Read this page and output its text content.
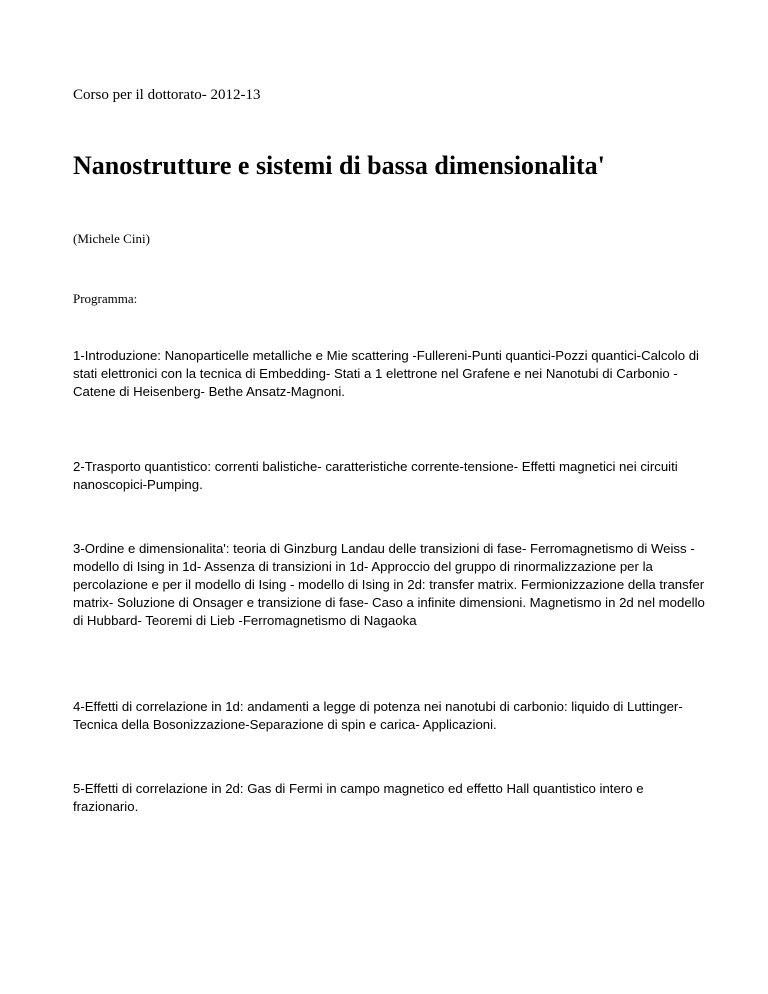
Corso per il dottorato- 2012-13
Nanostrutture e sistemi di bassa dimensionalita'
(Michele Cini)
Programma:

1-Introduzione: Nanoparticelle metalliche e Mie scattering -Fullereni-Punti quantici-Pozzi quantici-Calcolo di stati elettronici con la tecnica di Embedding- Stati a 1 elettrone nel Grafene e nei Nanotubi di Carbonio -Catene di Heisenberg- Bethe Ansatz-Magnoni.

2-Trasporto quantistico: correnti balistiche- caratteristiche corrente-tensione- Effetti magnetici nei circuiti nanoscopici-Pumping.

3-Ordine e dimensionalita': teoria di Ginzburg Landau delle transizioni di fase- Ferromagnetismo di Weiss - modello di Ising in 1d- Assenza di transizioni in 1d- Approccio del gruppo di rinormalizzazione per la percolazione e per il modello di Ising - modello di Ising in 2d: transfer matrix. Fermionizzazione della transfer matrix- Soluzione di Onsager e transizione di fase- Caso a infinite dimensioni. Magnetismo in 2d nel modello di Hubbard- Teoremi di Lieb -Ferromagnetismo di Nagaoka

4-Effetti di correlazione in 1d: andamenti a legge di potenza nei nanotubi di carbonio: liquido di Luttinger-Tecnica della Bosonizzazione-Separazione di spin e carica- Applicazioni.

5-Effetti di correlazione in 2d: Gas di Fermi in campo magnetico ed effetto Hall quantistico intero e frazionario.
